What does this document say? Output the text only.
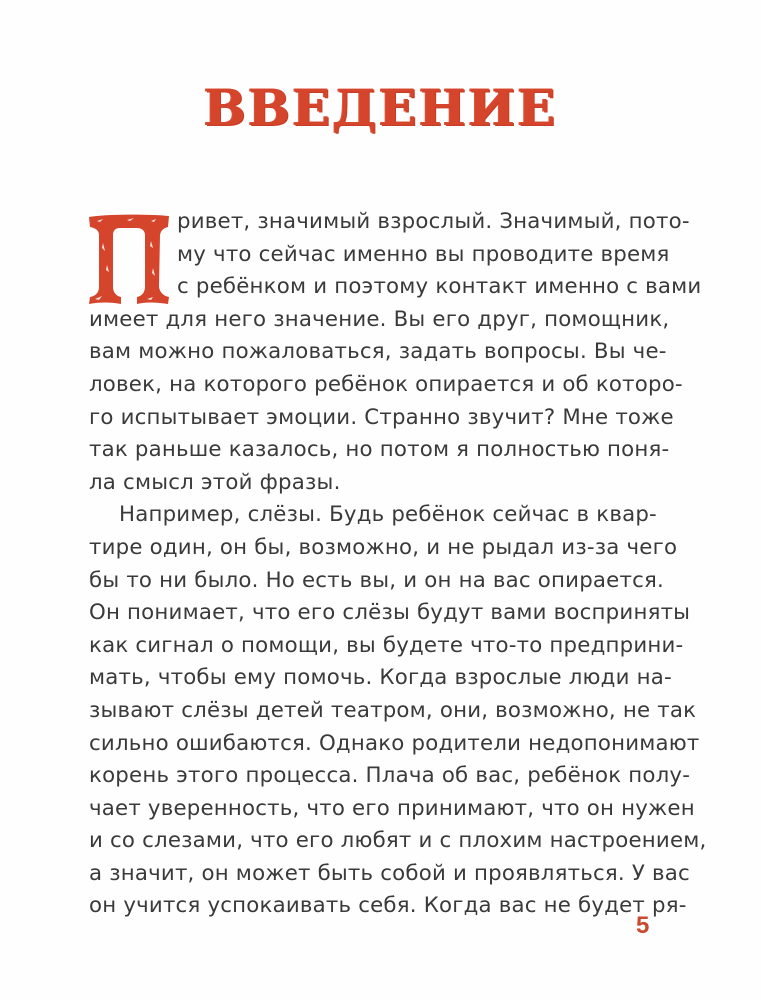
ВВЕДЕНИЕ
ривет, значимый взрослый. Значимый, пото-
му что сейчас именно вы проводите время
с ребёнком и поэтому контакт именно с вами
имеет для него значение. Вы его друг, помощник,
вам можно пожаловаться, задать вопросы. Вы че-
ловек, на которого ребёнок опирается и об которо-
го испытывает эмоции. Странно звучит? Мне тоже
так раньше казалось, но потом я полностью поня-
ла смысл этой фразы.
Например, слёзы. Будь ребёнок сейчас в квар-
тире один, он бы, возможно, и не рыдал из-за чего
бы то ни было. Но есть вы, и он на вас опирается.
Он понимает, что его слёзы будут вами восприняты
как сигнал о помощи, вы будете что-то предприни-
мать, чтобы ему помочь. Когда взрослые люди на-
зывают слёзы детей театром, они, возможно, не так
сильно ошибаются. Однако родители недопонимают
корень этого процесса. Плача об вас, ребёнок полу-
чает уверенность, что его принимают, что он нужен
и со слезами, что его любят и с плохим настроением,
а значит, он может быть собой и проявляться. У вас
он учится успокаивать себя. Когда вас не будет ря-
5
